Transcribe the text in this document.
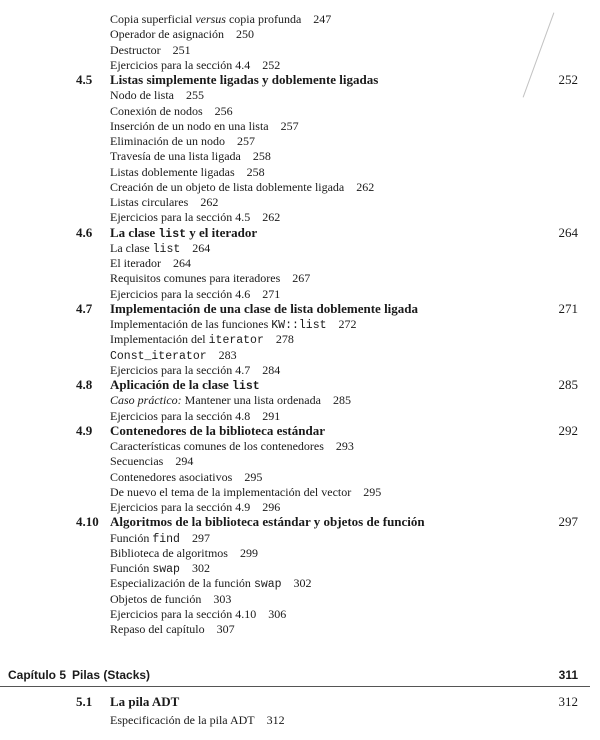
Copia superficial versus copia profunda 247
Operador de asignación 250
Destructor 251
Ejercicios para la sección 4.4 252
4.5 Listas simplemente ligadas y doblemente ligadas	252
Nodo de lista 255
Conexión de nodos 256
Inserción de un nodo en una lista 257
Eliminación de un nodo 257
Travesía de una lista ligada 258
Listas doblemente ligadas 258
Creación de un objeto de lista doblemente ligada 262
Listas circulares 262
Ejercicios para la sección 4.5 262
4.6 La clase list y el iterador	264
La clase list 264
El iterador 264
Requisitos comunes para iteradores 267
Ejercicios para la sección 4.6 271
4.7 Implementación de una clase de lista doblemente ligada	271
Implementación de las funciones KW::list 272
Implementación del iterator 278
Const_iterator 283
Ejercicios para la sección 4.7 284
4.8 Aplicación de la clase list	285
Caso práctico: Mantener una lista ordenada 285
Ejercicios para la sección 4.8 291
4.9 Contenedores de la biblioteca estándar	292
Características comunes de los contenedores 293
Secuencias 294
Contenedores asociativos 295
De nuevo el tema de la implementación del vector 295
Ejercicios para la sección 4.9 296
4.10 Algoritmos de la biblioteca estándar y objetos de función	297
Función find 297
Biblioteca de algoritmos 299
Función swap 302
Especialización de la función swap 302
Objetos de función 303
Ejercicios para la sección 4.10 306
Repaso del capítulo 307
Capítulo 5 Pilas (Stacks)	311
5.1 La pila ADT	312
Especificación de la pila ADT 312
